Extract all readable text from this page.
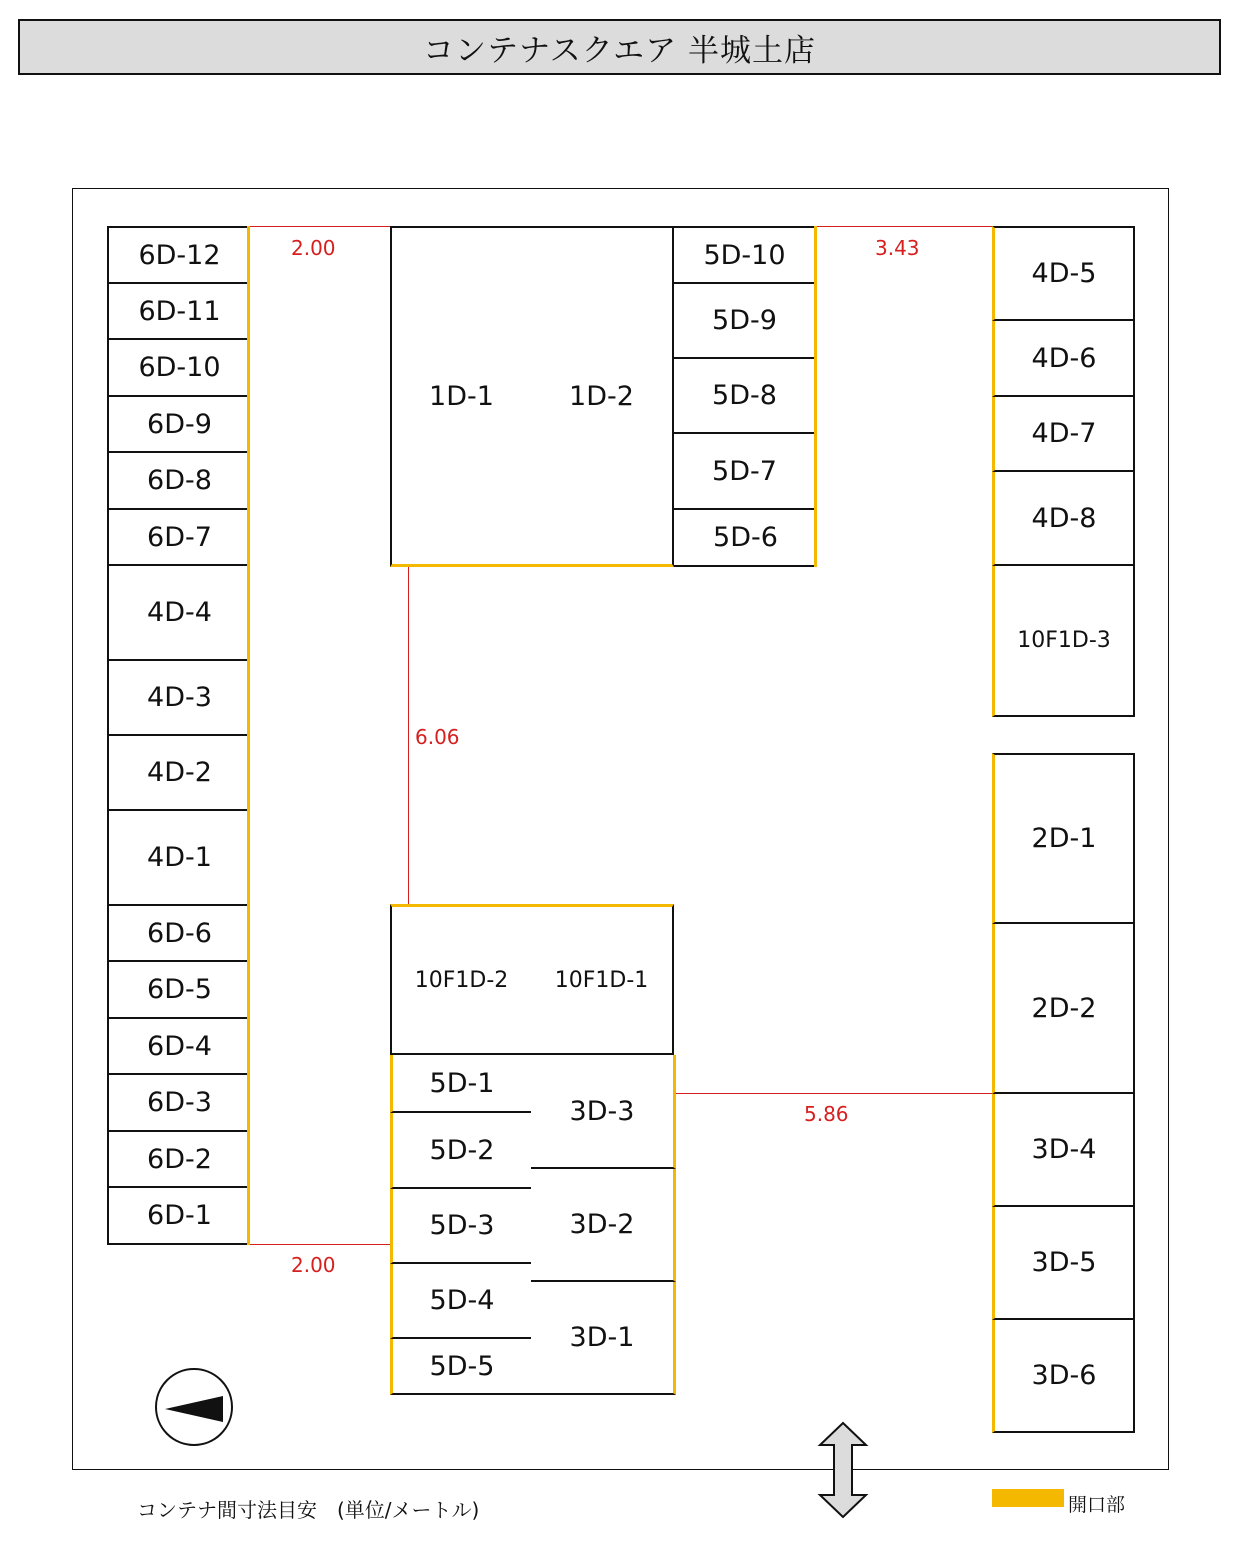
コンテナスクエア 半城土店
6D-12
6D-11
6D-10
6D-9
6D-8
6D-7
4D-4
4D-3
4D-2
4D-1
6D-6
6D-5
6D-4
6D-3
6D-2
6D-1
1D-1	1D-2
5D-10
5D-9
5D-8
5D-7
5D-6
4D-5
4D-6
4D-7
4D-8
10F1D-3
2D-1
2D-2
3D-4
3D-5
3D-6
10F1D-2	10F1D-1
5D-1
5D-2
5D-3
5D-4
5D-5
3D-3
3D-2
3D-1
2.00	3.43
6.06
5.86
2.00
コンテナ間寸法目安　(単位/メートル)	開口部
